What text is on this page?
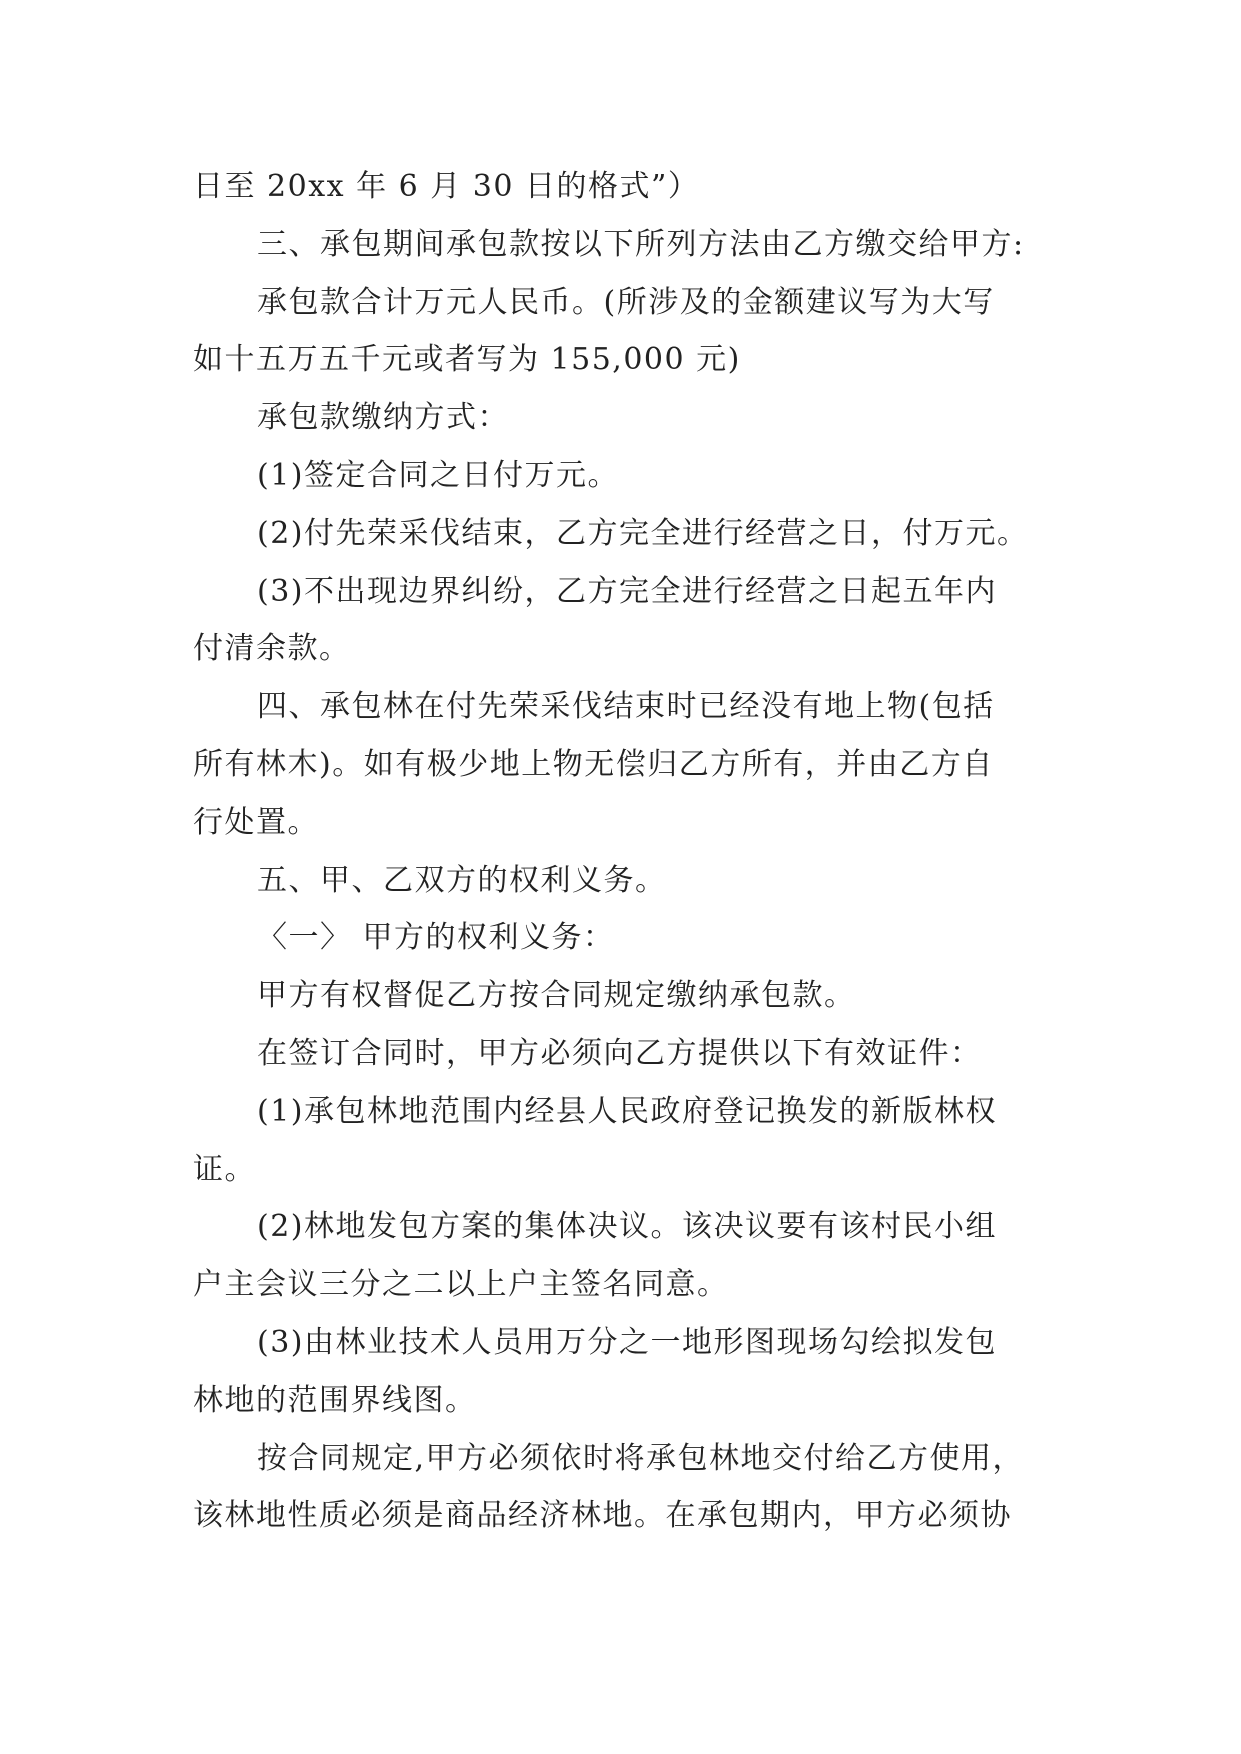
日至 20xx 年 6 月 30 日的格式”）
三、承包期间承包款按以下所列方法由乙方缴交给甲方:
承包款合计万元人民币。(所涉及的金额建议写为大写
如十五万五千元或者写为 155,000 元)
承包款缴纳方式：
(1)签定合同之日付万元。
(2)付先荣采伐结束，乙方完全进行经营之日，付万元。
(3)不出现边界纠纷，乙方完全进行经营之日起五年内
付清余款。
四、承包林在付先荣采伐结束时已经没有地上物(包括
所有林木)。如有极少地上物无偿归乙方所有，并由乙方自
行处置。
五、甲、乙双方的权利义务。
〈一〉 甲方的权利义务：
甲方有权督促乙方按合同规定缴纳承包款。
在签订合同时，甲方必须向乙方提供以下有效证件：
(1)承包林地范围内经县人民政府登记换发的新版林权
证。
(2)林地发包方案的集体决议。该决议要有该村民小组
户主会议三分之二以上户主签名同意。
(3)由林业技术人员用万分之一地形图现场勾绘拟发包
林地的范围界线图。
按合同规定,甲方必须依时将承包林地交付给乙方使用，
该林地性质必须是商品经济林地。在承包期内，甲方必须协
